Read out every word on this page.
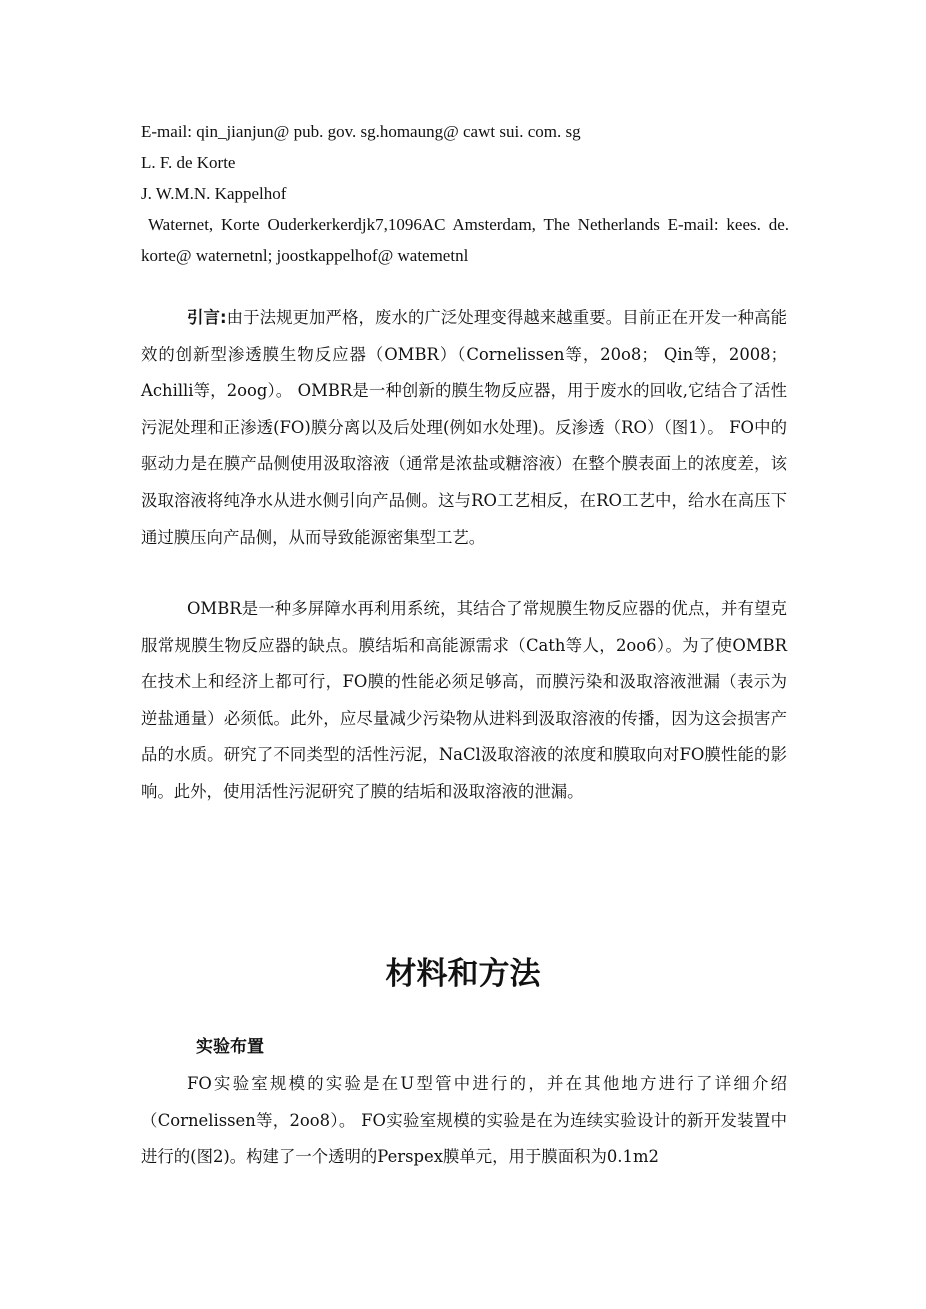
E-mail: qin_jianjun@ pub. gov. sg.homaung@ cawt sui. com. sg
L. F. de Korte
J. W.M.N. Kappelhof
Waternet, Korte Ouderkerkerdjk7,1096AC Amsterdam, The Netherlands E-mail: kees. de. korte@ waternetnl; joostkappelhof@ watemetnl

引言:由于法规更加严格，废水的广泛处理变得越来越重要。目前正在开发一种高能效的创新型渗透膜生物反应器（OMBR）（Cornelissen等，20o8； Qin等，2008； Achilli等，2oog）。 OMBR是一种创新的膜生物反应器，用于废水的回收,它结合了活性污泥处理和正渗透(FO)膜分离以及后处理(例如水处理)。反渗透（RO）（图1）。 FO中的驱动力是在膜产品侧使用汲取溶液（通常是浓盐或糖溶液）在整个膜表面上的浓度差，该汲取溶液将纯净水从进水侧引向产品侧。这与RO工艺相反，在RO工艺中，给水在高压下通过膜压向产品侧，从而导致能源密集型工艺。

OMBR是一种多屏障水再利用系统，其结合了常规膜生物反应器的优点，并有望克服常规膜生物反应器的缺点。膜结垢和高能源需求（Cath等人，2oo6）。为了使OMBR在技术上和经济上都可行，FO膜的性能必须足够高，而膜污染和汲取溶液泄漏（表示为逆盐通量）必须低。此外，应尽量减少污染物从进料到汲取溶液的传播，因为这会损害产品的水质。研究了不同类型的活性污泥，NaCl汲取溶液的浓度和膜取向对FO膜性能的影响。此外，使用活性污泥研究了膜的结垢和汲取溶液的泄漏。

材料和方法
实验布置

FO实验室规模的实验是在U型管中进行的，并在其他地方进行了详细介绍（Cornelissen等，2oo8）。 FO实验室规模的实验是在为连续实验设计的新开发装置中进行的(图2)。构建了一个透明的Perspex膜单元，用于膜面积为0.1m2
